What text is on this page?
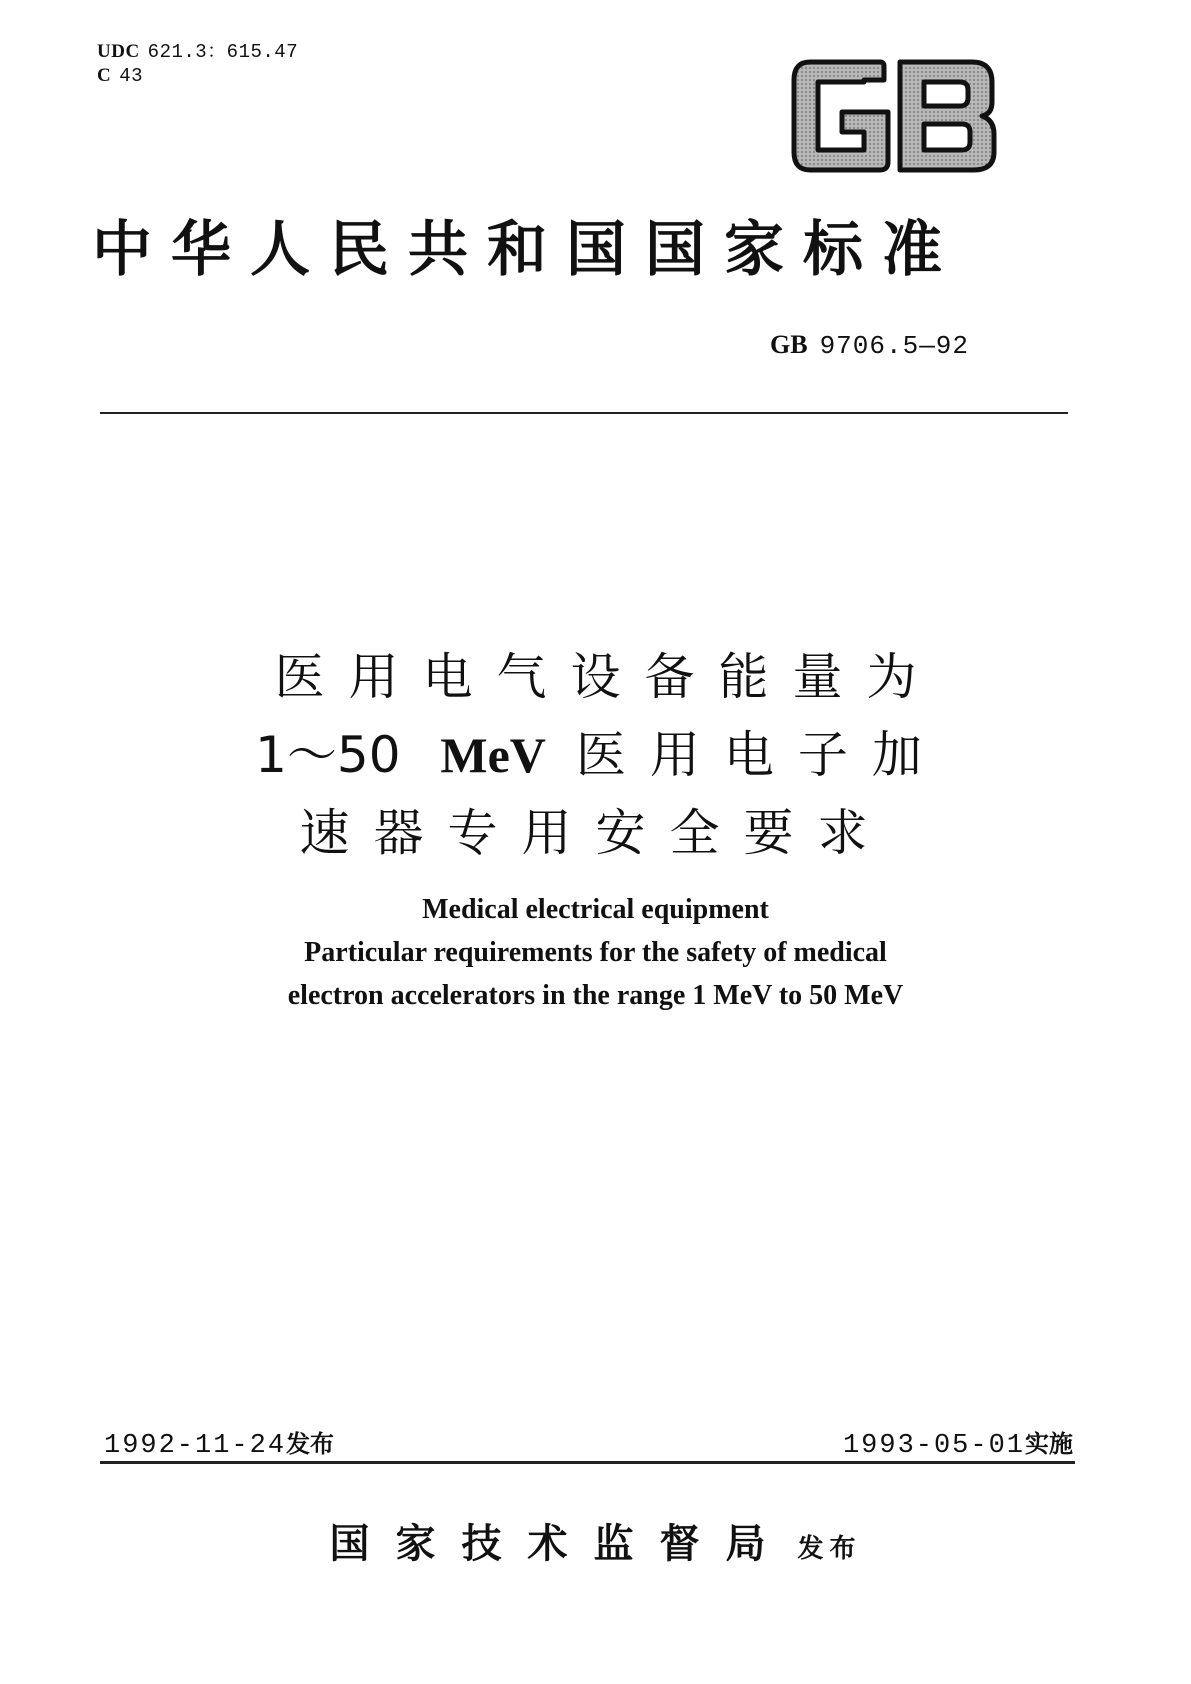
UDC 621.3：615.47
C 43
中华人民共和国国家标准
GB 9706.5—92
医用电气设备能量为
1～50 MeV 医用电子加
速器专用安全要求
Medical electrical equipment
Particular requirements for the safety of medical
electron accelerators in the range 1 MeV to 50 MeV
1992-11-24发布	1993-05-01实施
国家技术监督局 发布
